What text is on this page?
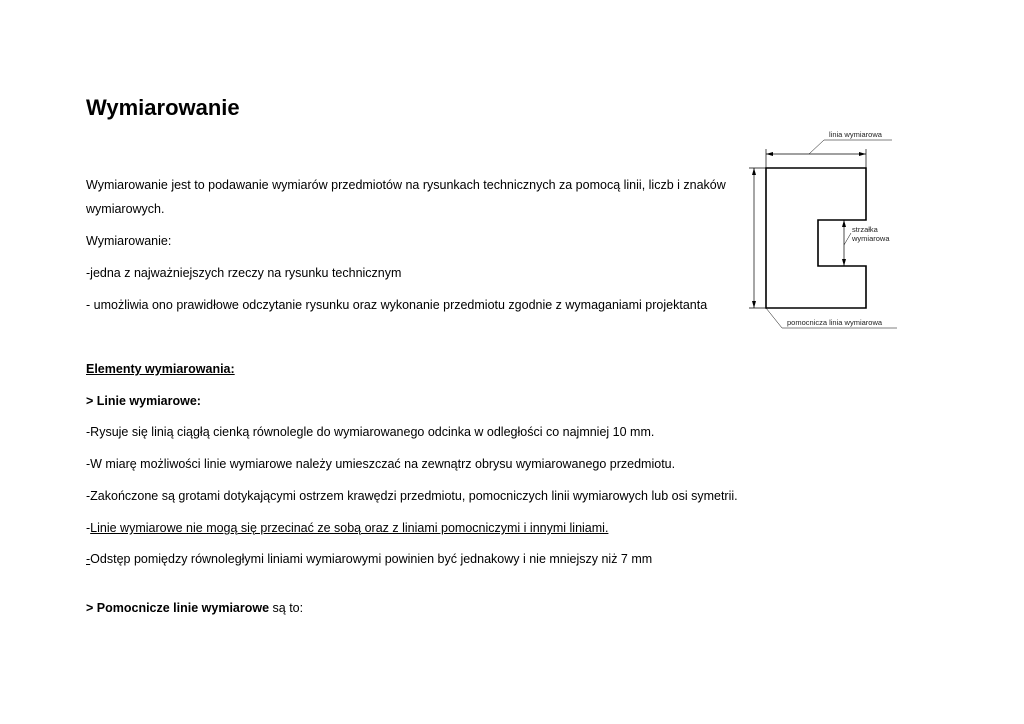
Wymiarowanie

Wymiarowanie jest to podawanie wymiarów przedmiotów na rysunkach technicznych za pomocą linii, liczb i znaków

wymiarowych.

Wymiarowanie:

-jedna z najważniejszych rzeczy na rysunku technicznym

- umożliwia ono prawidłowe odczytanie rysunku oraz wykonanie przedmiotu zgodnie z wymaganiami projektanta

Elementy wymiarowania:

> Linie wymiarowe:

-Rysuje się linią ciągłą cienką równolegle do wymiarowanego odcinka w odległości co najmniej 10 mm.

-W miarę możliwości linie wymiarowe należy umieszczać na zewnątrz obrysu wymiarowanego przedmiotu.

-Zakończone są grotami dotykającymi ostrzem krawędzi przedmiotu, pomocniczych linii wymiarowych lub osi symetrii.

-Linie wymiarowe nie mogą się przecinać ze sobą oraz z liniami pomocniczymi i innymi liniami.

-Odstęp pomiędzy równoległymi liniami wymiarowymi powinien być jednakowy i nie mniejszy niż 7 mm

> Pomocnicze linie wymiarowe są to:

linia wymiarowa
strzałka
wymiarowa
pomocnicza linia wymiarowa
